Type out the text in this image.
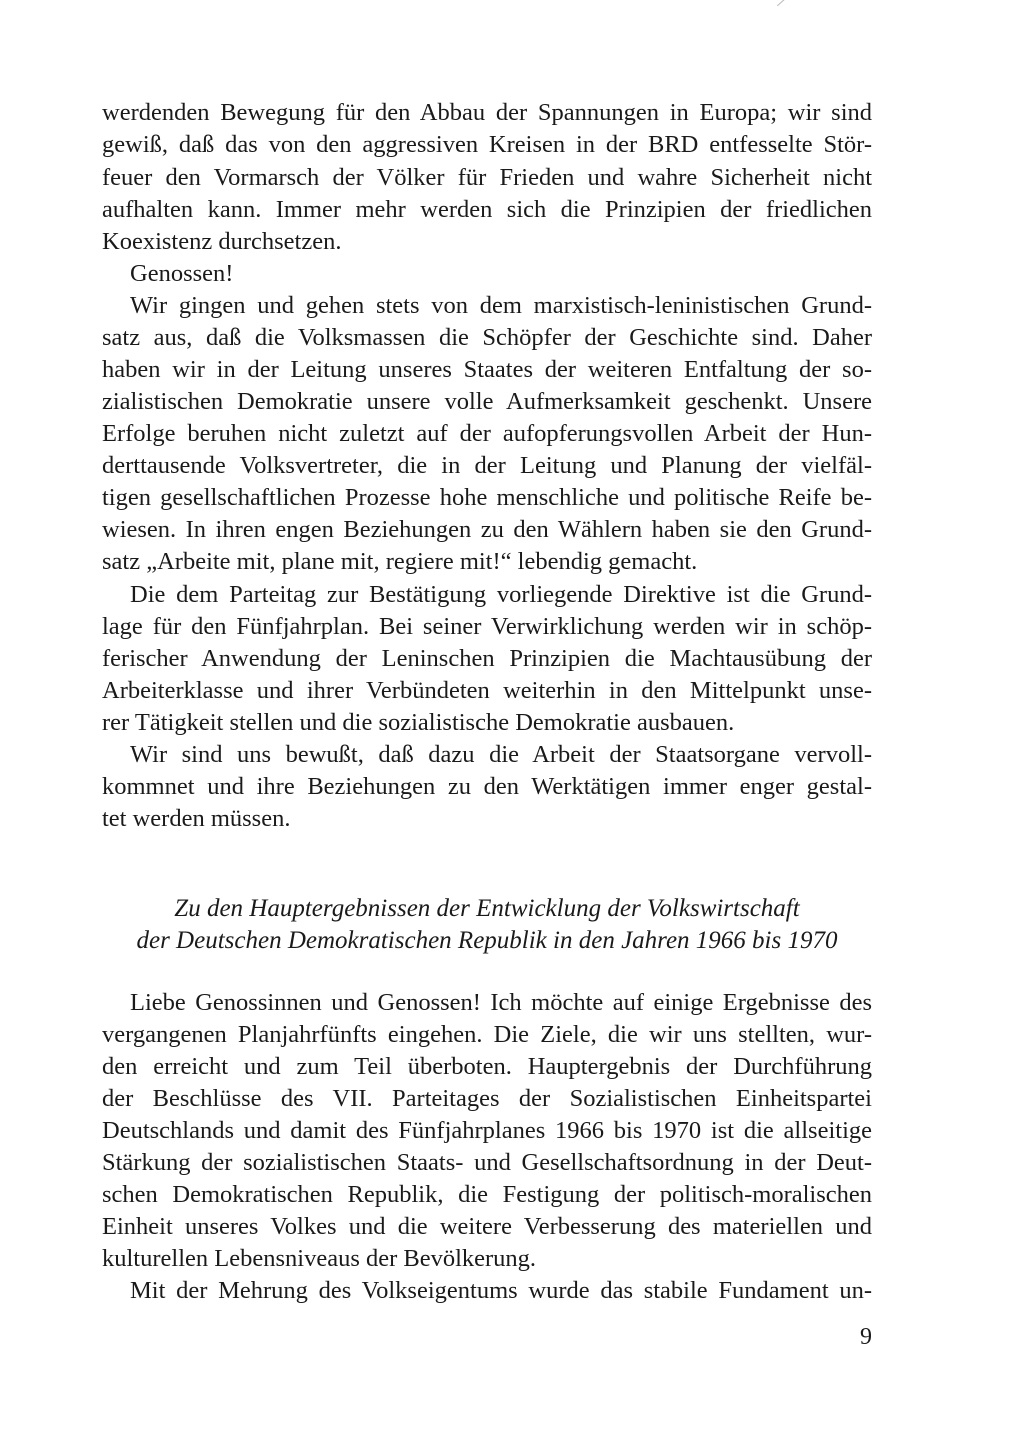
werdenden Bewegung für den Abbau der Spannungen in Europa; wir sind
gewiß, daß das von den aggressiven Kreisen in der BRD entfesselte Stör-
feuer den Vormarsch der Völker für Frieden und wahre Sicherheit nicht
aufhalten kann. Immer mehr werden sich die Prinzipien der friedlichen
Koexistenz durchsetzen.
Genossen!
Wir gingen und gehen stets von dem marxistisch-leninistischen Grund-
satz aus, daß die Volksmassen die Schöpfer der Geschichte sind. Daher
haben wir in der Leitung unseres Staates der weiteren Entfaltung der so-
zialistischen Demokratie unsere volle Aufmerksamkeit geschenkt. Unsere
Erfolge beruhen nicht zuletzt auf der aufopferungsvollen Arbeit der Hun-
derttausende Volksvertreter, die in der Leitung und Planung der vielfäl-
tigen gesellschaftlichen Prozesse hohe menschliche und politische Reife be-
wiesen. In ihren engen Beziehungen zu den Wählern haben sie den Grund-
satz „Arbeite mit, plane mit, regiere mit!“ lebendig gemacht.
Die dem Parteitag zur Bestätigung vorliegende Direktive ist die Grund-
lage für den Fünfjahrplan. Bei seiner Verwirklichung werden wir in schöp-
ferischer Anwendung der Leninschen Prinzipien die Machtausübung der
Arbeiterklasse und ihrer Verbündeten weiterhin in den Mittelpunkt unse-
rer Tätigkeit stellen und die sozialistische Demokratie ausbauen.
Wir sind uns bewußt, daß dazu die Arbeit der Staatsorgane vervoll-
kommnet und ihre Beziehungen zu den Werktätigen immer enger gestal-
tet werden müssen.
Zu den Hauptergebnissen der Entwicklung der Volkswirtschaft
der Deutschen Demokratischen Republik in den Jahren 1966 bis 1970
Liebe Genossinnen und Genossen! Ich möchte auf einige Ergebnisse des
vergangenen Planjahrfünfts eingehen. Die Ziele, die wir uns stellten, wur-
den erreicht und zum Teil überboten. Hauptergebnis der Durchführung
der Beschlüsse des VII. Parteitages der Sozialistischen Einheitspartei
Deutschlands und damit des Fünfjahrplanes 1966 bis 1970 ist die allseitige
Stärkung der sozialistischen Staats- und Gesellschaftsordnung in der Deut-
schen Demokratischen Republik, die Festigung der politisch-moralischen
Einheit unseres Volkes und die weitere Verbesserung des materiellen und
kulturellen Lebensniveaus der Bevölkerung.
Mit der Mehrung des Volkseigentums wurde das stabile Fundament un-
9
